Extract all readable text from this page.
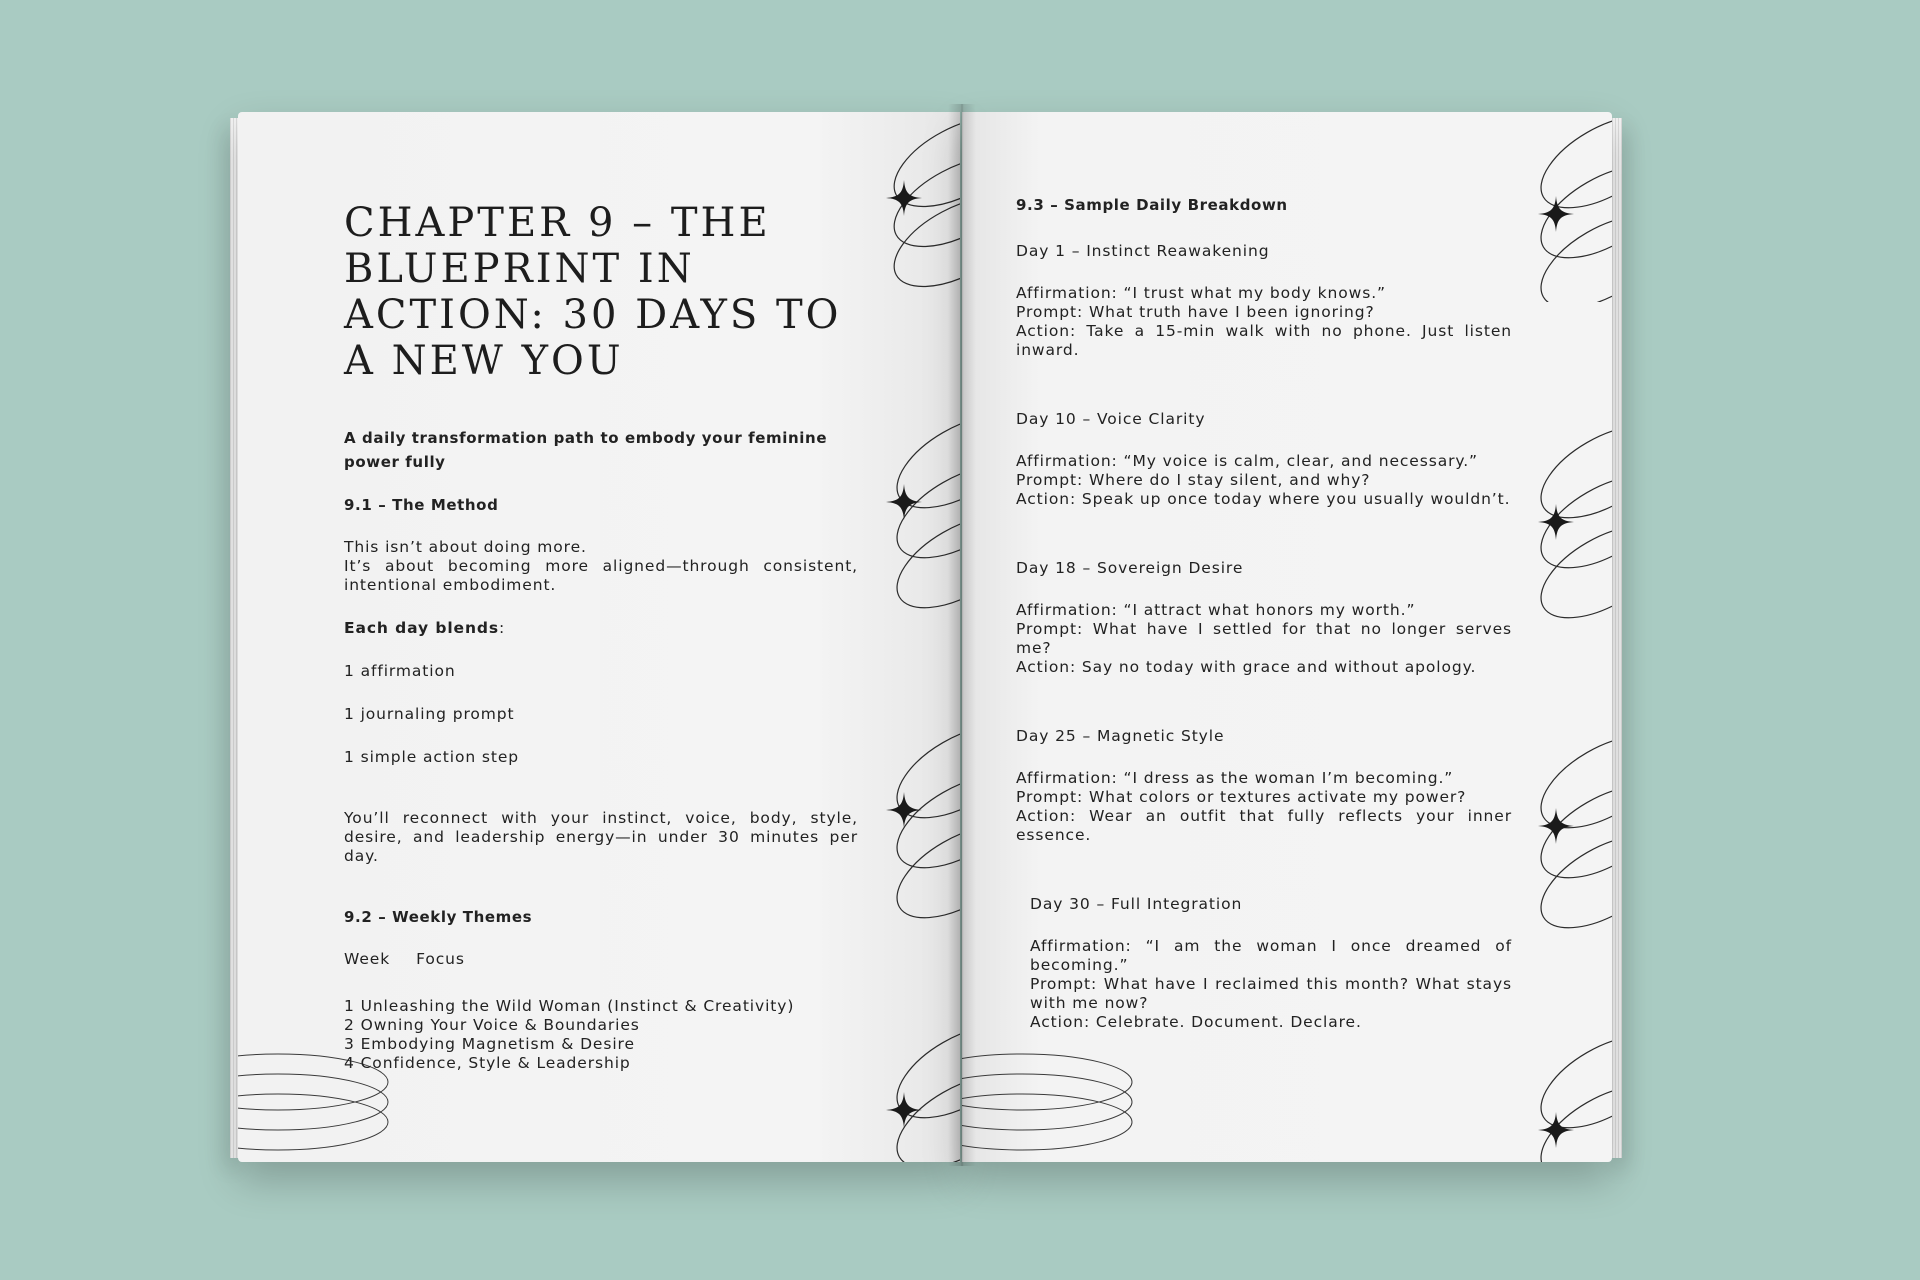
CHAPTER 9 – THE BLUEPRINT IN ACTION: 30 DAYS TO A NEW YOU
A daily transformation path to embody your feminine power fully
9.1 – The Method

This isn’t about doing more.

It’s about becoming more aligned—through consistent, intentional embodiment.

Each day blends:

1 affirmation

1 journaling prompt

1 simple action step

You’ll reconnect with your instinct, voice, body, style, desire, and leadership energy—in under 30 minutes per day.

9.2 – Weekly Themes
Week Focus

1 Unleashing the Wild Woman (Instinct & Creativity)

2 Owning Your Voice & Boundaries

3 Embodying Magnetism & Desire

4 Confidence, Style & Leadership

9.3 – Sample Daily Breakdown
Day 1 – Instinct Reawakening

Affirmation: “I trust what my body knows.”

Prompt: What truth have I been ignoring?

Action: Take a 15-min walk with no phone. Just listen inward.

Day 10 – Voice Clarity

Affirmation: “My voice is calm, clear, and necessary.”

Prompt: Where do I stay silent, and why?

Action: Speak up once today where you usually wouldn’t.

Day 18 – Sovereign Desire

Affirmation: “I attract what honors my worth.”

Prompt: What have I settled for that no longer serves me?

Action: Say no today with grace and without apology.

Day 25 – Magnetic Style

Affirmation: “I dress as the woman I’m becoming.”

Prompt: What colors or textures activate my power?

Action: Wear an outfit that fully reflects your inner essence.

Day 30 – Full Integration

Affirmation: “I am the woman I once dreamed of becoming.”

Prompt: What have I reclaimed this month? What stays with me now?

Action: Celebrate. Document. Declare.
